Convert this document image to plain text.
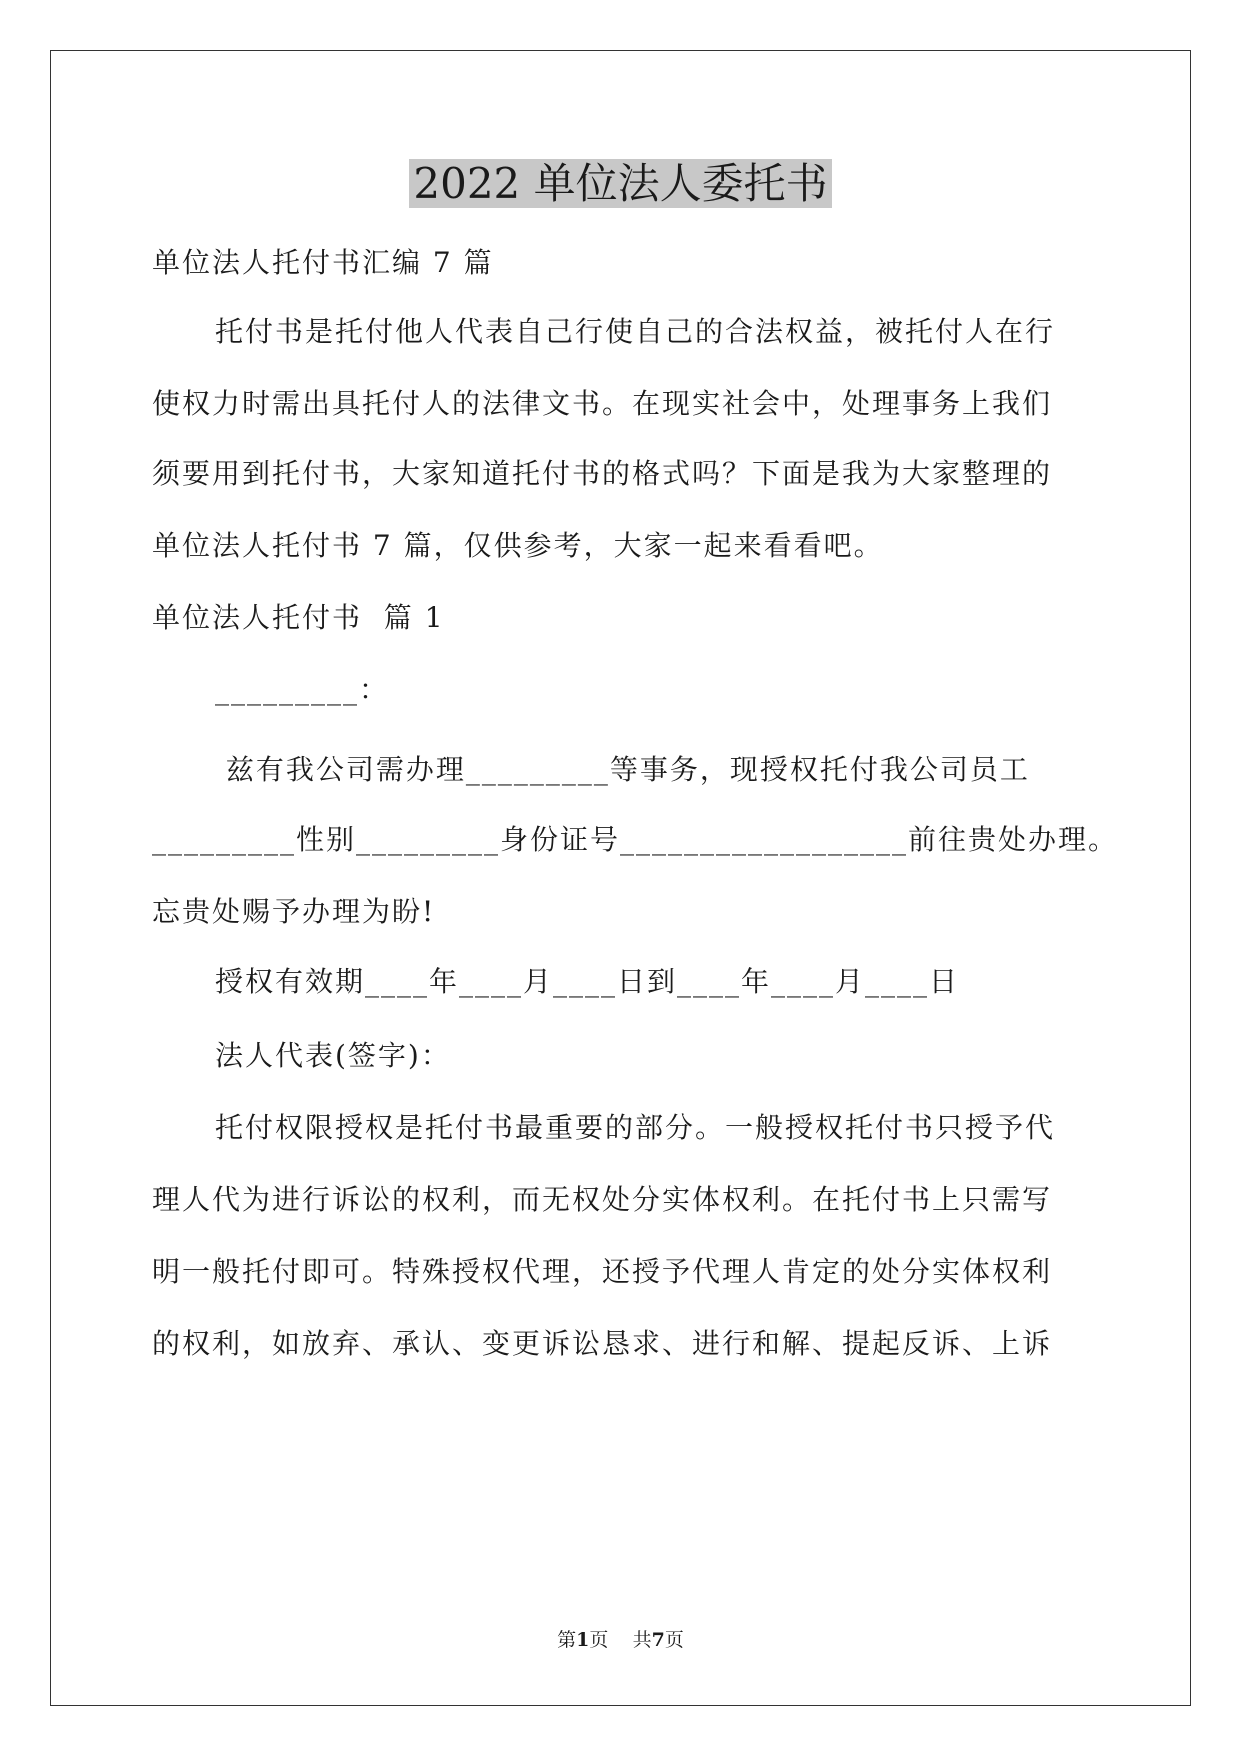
2022 单位法人委托书
单位法人托付书汇编 7 篇
托付书是托付他人代表自己行使自己的合法权益，被托付人在行
使权力时需出具托付人的法律文书。在现实社会中，处理事务上我们
须要用到托付书，大家知道托付书的格式吗？下面是我为大家整理的
单位法人托付书 7 篇，仅供参考，大家一起来看看吧。
单位法人托付书  篇 1
_________：
兹有我公司需办理_________等事务，现授权托付我公司员工
_________性别_________身份证号__________________前往贵处办理。
忘贵处赐予办理为盼!
授权有效期____年____月____日到____年____月____日
法人代表(签字)：
托付权限授权是托付书最重要的部分。一般授权托付书只授予代
理人代为进行诉讼的权利，而无权处分实体权利。在托付书上只需写
明一般托付即可。特殊授权代理，还授予代理人肯定的处分实体权利
的权利，如放弃、承认、变更诉讼恳求、进行和解、提起反诉、上诉
第1页    共7页
